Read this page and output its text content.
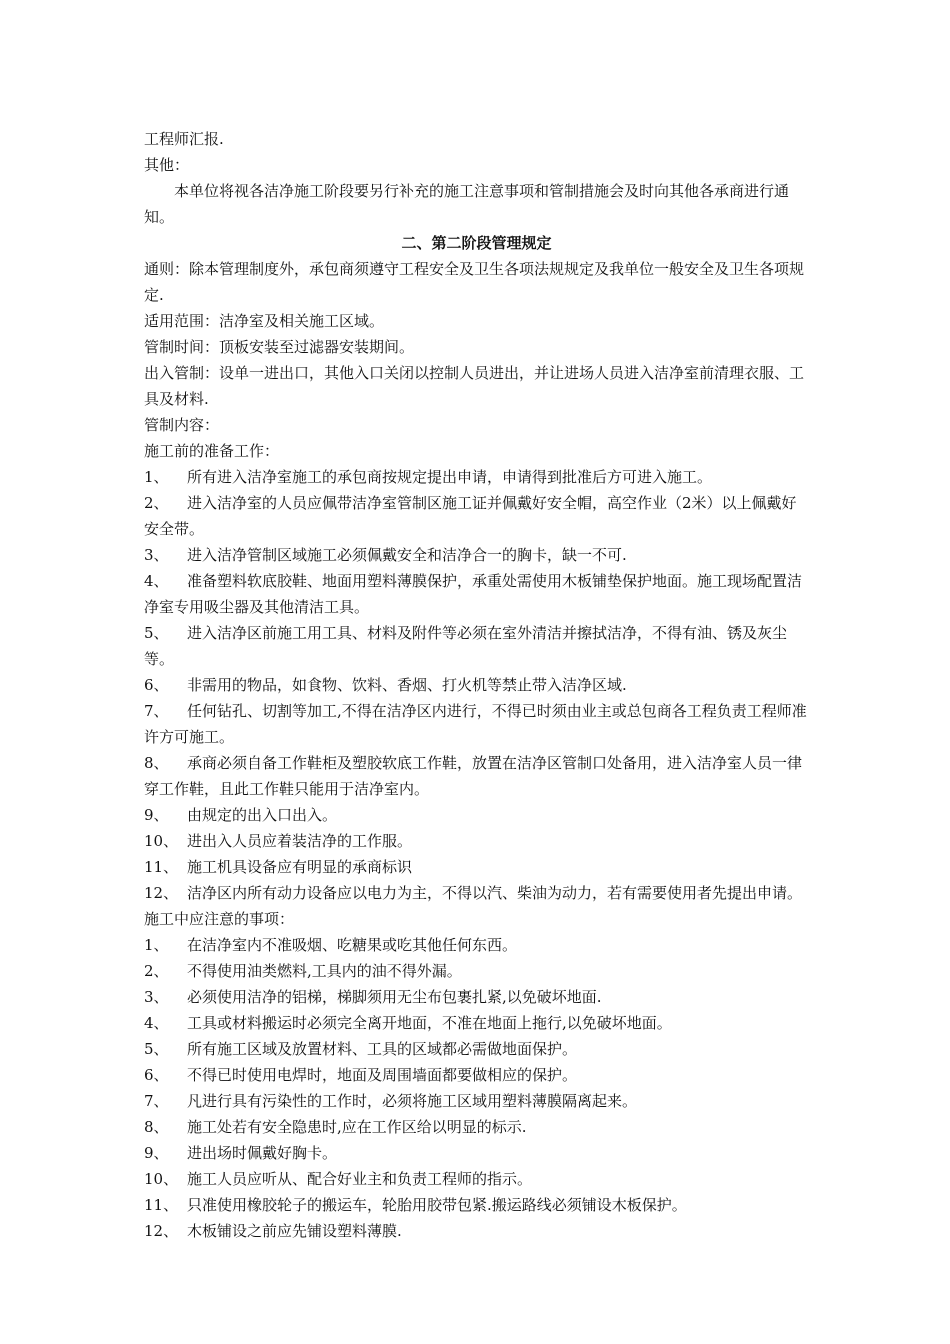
工程师汇报.
其他：
本单位将视各洁净施工阶段要另行补充的施工注意事项和管制措施会及时向其他各承商进行通知。
二、第二阶段管理规定
通则：除本管理制度外，承包商须遵守工程安全及卫生各项法规规定及我单位一般安全及卫生各项规定.
适用范围：洁净室及相关施工区域。
管制时间：顶板安装至过滤器安装期间。
出入管制：设单一进出口，其他入口关闭以控制人员进出，并让进场人员进入洁净室前清理衣服、工具及材料.
管制内容：
施工前的准备工作：
1、 所有进入洁净室施工的承包商按规定提出申请，申请得到批准后方可进入施工。
2、 进入洁净室的人员应佩带洁净室管制区施工证并佩戴好安全帽，高空作业（2米）以上佩戴好安全带。
3、 进入洁净管制区域施工必须佩戴安全和洁净合一的胸卡，缺一不可.
4、 准备塑料软底胶鞋、地面用塑料薄膜保护，承重处需使用木板铺垫保护地面。施工现场配置洁净室专用吸尘器及其他清洁工具。
5、 进入洁净区前施工用工具、材料及附件等必须在室外清洁并擦拭洁净，不得有油、锈及灰尘等。
6、 非需用的物品，如食物、饮料、香烟、打火机等禁止带入洁净区域.
7、 任何钻孔、切割等加工,不得在洁净区内进行，不得已时须由业主或总包商各工程负责工程师准许方可施工。
8、 承商必须自备工作鞋柜及塑胶软底工作鞋，放置在洁净区管制口处备用，进入洁净室人员一律穿工作鞋，且此工作鞋只能用于洁净室内。
9、 由规定的出入口出入。
10、 进出入人员应着装洁净的工作服。
11、 施工机具设备应有明显的承商标识
12、 洁净区内所有动力设备应以电力为主，不得以汽、柴油为动力，若有需要使用者先提出申请。
施工中应注意的事项：
1、 在洁净室内不准吸烟、吃糖果或吃其他任何东西。
2、 不得使用油类燃料,工具内的油不得外漏。
3、 必须使用洁净的铝梯，梯脚须用无尘布包裹扎紧,以免破坏地面.
4、 工具或材料搬运时必须完全离开地面，不准在地面上拖行,以免破坏地面。
5、 所有施工区域及放置材料、工具的区域都必需做地面保护。
6、 不得已时使用电焊时，地面及周围墙面都要做相应的保护。
7、 凡进行具有污染性的工作时，必须将施工区域用塑料薄膜隔离起来。
8、 施工处若有安全隐患时,应在工作区给以明显的标示.
9、 进出场时佩戴好胸卡。
10、 施工人员应听从、配合好业主和负责工程师的指示。
11、 只准使用橡胶轮子的搬运车，轮胎用胶带包紧.搬运路线必须铺设木板保护。
12、 木板铺设之前应先铺设塑料薄膜.
